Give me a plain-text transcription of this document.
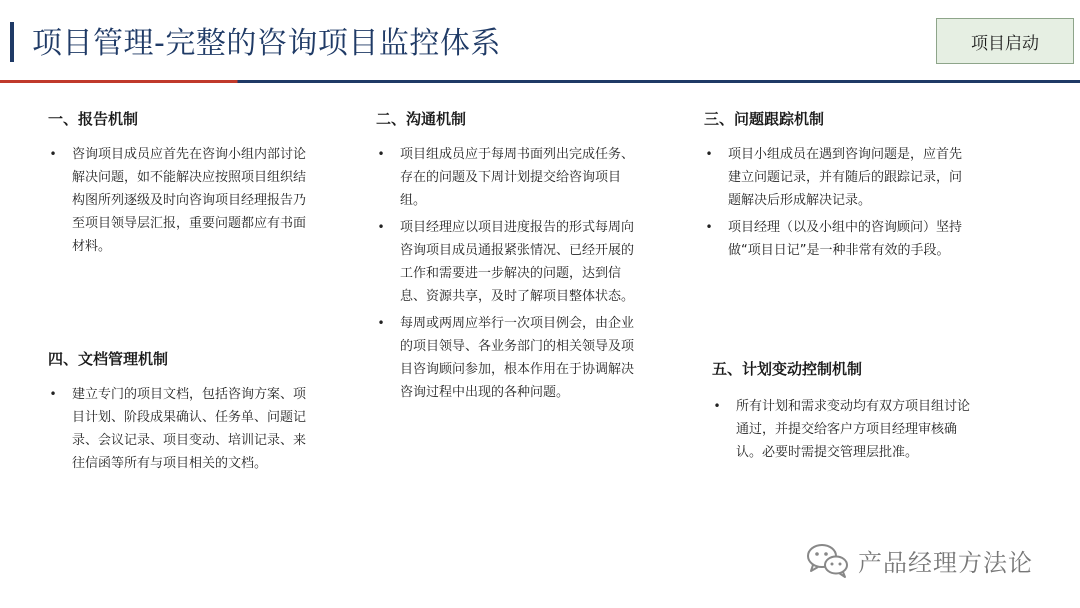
项目管理-完整的咨询项目监控体系	项目启动
一、报告机制
• 咨询项目成员应首先在咨询小组内部讨论解决问题，如不能解决应按照项目组织结构图所列逐级及时向咨询项目经理报告乃至项目领导层汇报，重要问题都应有书面材料。
二、沟通机制
• 项目组成员应于每周书面列出完成任务、存在的问题及下周计划提交给咨询项目组。
• 项目经理应以项目进度报告的形式每周向咨询项目成员通报紧张情况、已经开展的工作和需要进一步解决的问题，达到信息、资源共享，及时了解项目整体状态。
• 每周或两周应举行一次项目例会，由企业的项目领导、各业务部门的相关领导及项目咨询顾问参加，根本作用在于协调解决咨询过程中出现的各种问题。
三、问题跟踪机制
• 项目小组成员在遇到咨询问题是，应首先建立问题记录，并有随后的跟踪记录，问题解决后形成解决记录。
• 项目经理（以及小组中的咨询顾问）坚持做“项目日记”是一种非常有效的手段。
四、文档管理机制
• 建立专门的项目文档，包括咨询方案、项目计划、阶段成果确认、任务单、问题记录、会议记录、项目变动、培训记录、来往信函等所有与项目相关的文档。
五、计划变动控制机制
• 所有计划和需求变动均有双方项目组讨论通过，并提交给客户方项目经理审核确认。必要时需提交管理层批准。
产品经理方法论
